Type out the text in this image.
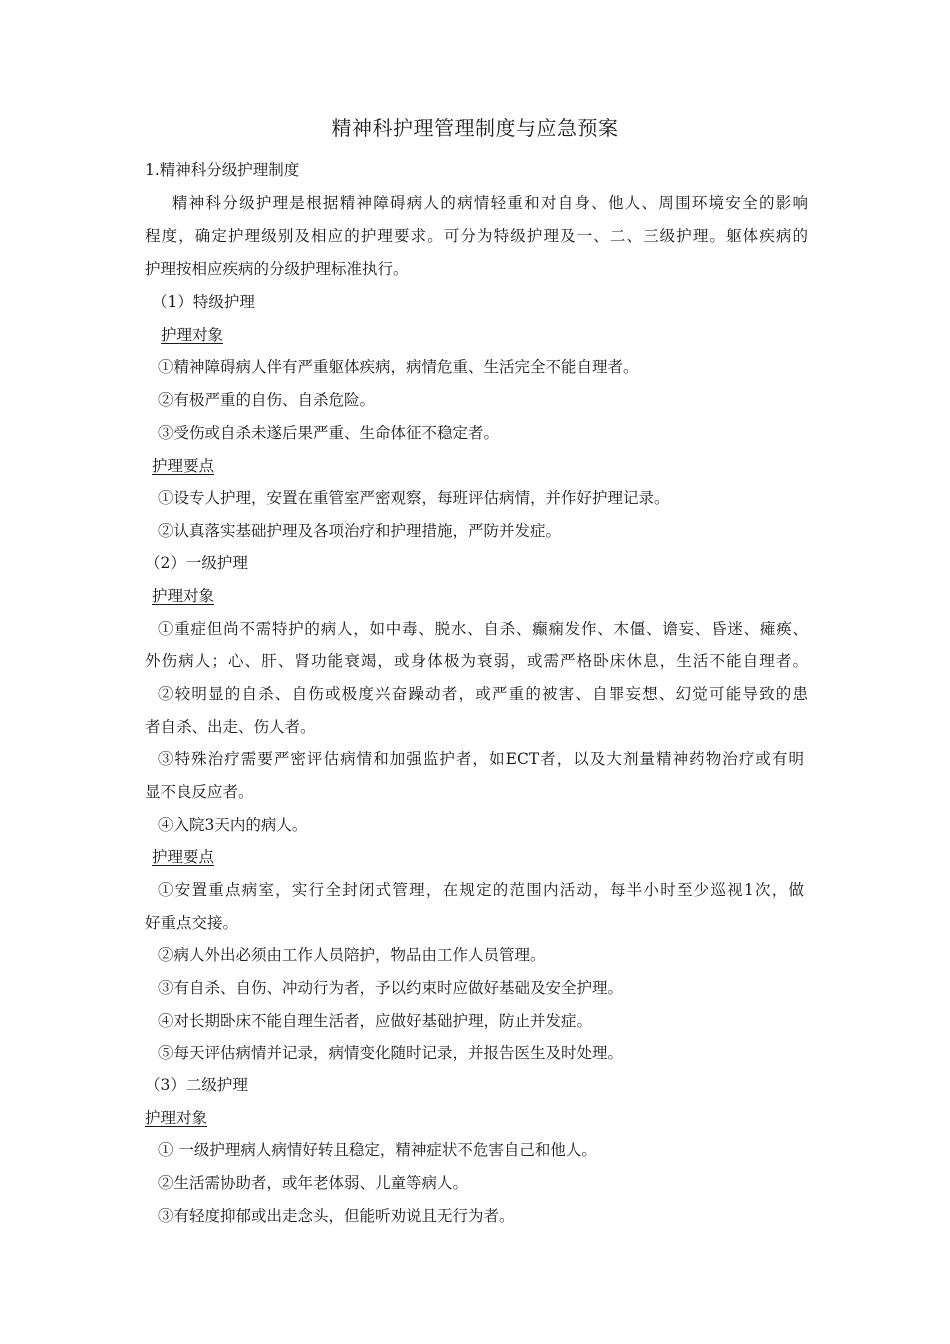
精神科护理管理制度与应急预案
1.精神科分级护理制度
精神科分级护理是根据精神障碍病人的病情轻重和对自身、他人、周围环境安全的影响
程度，确定护理级别及相应的护理要求。可分为特级护理及一、二、三级护理。躯体疾病的
护理按相应疾病的分级护理标准执行。
（1）特级护理
护理对象
①精神障碍病人伴有严重躯体疾病，病情危重、生活完全不能自理者。
②有极严重的自伤、自杀危险。
③受伤或自杀未遂后果严重、生命体征不稳定者。
护理要点
①设专人护理，安置在重管室严密观察，每班评估病情，并作好护理记录。
②认真落实基础护理及各项治疗和护理措施，严防并发症。
（2）一级护理
护理对象
①重症但尚不需特护的病人，如中毒、脱水、自杀、癫痫发作、木僵、谵妄、昏迷、瘫痪、
外伤病人；心、肝、肾功能衰竭，或身体极为衰弱，或需严格卧床休息，生活不能自理者。
②较明显的自杀、自伤或极度兴奋躁动者，或严重的被害、自罪妄想、幻觉可能导致的患
者自杀、出走、伤人者。
③特殊治疗需要严密评估病情和加强监护者，如ECT者，以及大剂量精神药物治疗或有明
显不良反应者。
④入院3天内的病人。
护理要点
①安置重点病室，实行全封闭式管理，在规定的范围内活动，每半小时至少巡视1次，做
好重点交接。
②病人外出必须由工作人员陪护，物品由工作人员管理。
③有自杀、自伤、冲动行为者，予以约束时应做好基础及安全护理。
④对长期卧床不能自理生活者，应做好基础护理，防止并发症。
⑤每天评估病情并记录，病情变化随时记录，并报告医生及时处理。
（3）二级护理
护理对象
① 一级护理病人病情好转且稳定，精神症状不危害自己和他人。
②生活需协助者，或年老体弱、儿童等病人。
③有轻度抑郁或出走念头，但能听劝说且无行为者。
